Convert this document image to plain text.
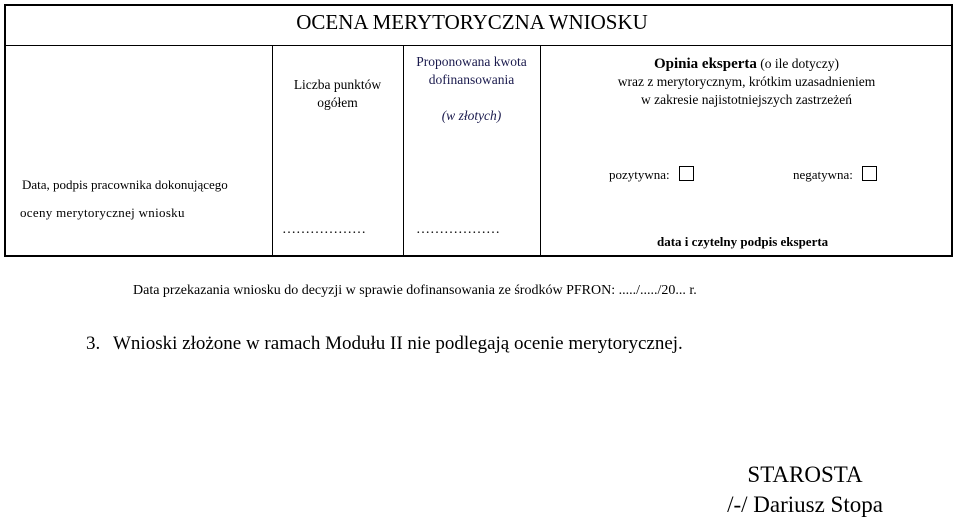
OCENA MERYTORYCZNA WNIOSKU
Liczba punktów
ogółem
Proponowana kwota
dofinansowania
(w złotych)
Opinia eksperta (o ile dotyczy)
wraz z merytorycznym, krótkim uzasadnieniem
w zakresie najistotniejszych zastrzeżeń
Data, podpis pracownika dokonującego
oceny merytorycznej wniosku
………………	………………
pozytywna:	negatywna:
data i czytelny podpis eksperta
Data przekazania wniosku do decyzji w sprawie dofinansowania ze środków PFRON: ...../...../20... r.
3. Wnioski złożone w ramach Modułu II nie podlegają ocenie merytorycznej.
STAROSTA
/-/ Dariusz Stopa
